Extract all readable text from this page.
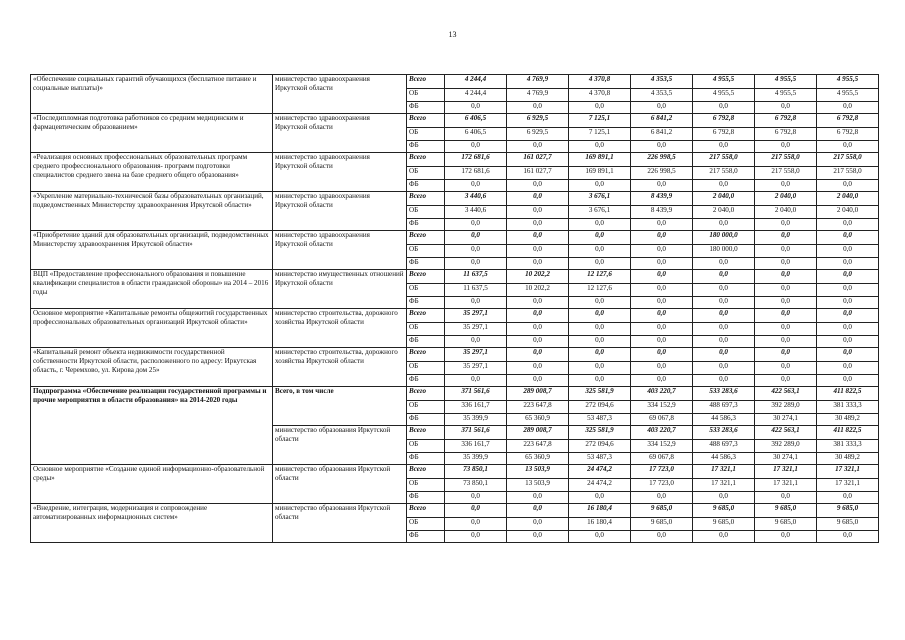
13
«Обеспечение социальных гарантий обучающихся (бесплатное питание и социальные выплаты)»	министерство здравоохранения Иркутской области	Всего	4 244,4	4 769,9	4 370,8	4 353,5	4 955,5	4 955,5	4 955,5
		ОБ	4 244,4	4 769,9	4 370,8	4 353,5	4 955,5	4 955,5	4 955,5
		ФБ	0,0	0,0	0,0	0,0	0,0	0,0	0,0
«Последипломная подготовка работников со средним медицинским и фармацевтическим образованием»	министерство здравоохранения Иркутской области	Всего	6 406,5	6 929,5	7 125,1	6 841,2	6 792,8	6 792,8	6 792,8
		ОБ	6 406,5	6 929,5	7 125,1	6 841,2	6 792,8	6 792,8	6 792,8
		ФБ	0,0	0,0	0,0	0,0	0,0	0,0	0,0
«Реализация основных профессиональных образовательных программ среднего профессионального образования- программ подготовки специалистов среднего звена на базе среднего общего образования»	министерство здравоохранения Иркутской области	Всего	172 681,6	161 027,7	169 891,1	226 998,5	217 558,0	217 558,0	217 558,0
		ОБ	172 681,6	161 027,7	169 891,1	226 998,5	217 558,0	217 558,0	217 558,0
		ФБ	0,0	0,0	0,0	0,0	0,0	0,0	0,0
«Укрепление материально-технической базы образовательных организаций, подведомственных Министерству здравоохранения Иркутской области»	министерство здравоохранения Иркутской области	Всего	3 440,6	0,0	3 676,1	8 439,9	2 040,0	2 040,0	2 040,0
		ОБ	3 440,6	0,0	3 676,1	8 439,9	2 040,0	2 040,0	2 040,0
		ФБ	0,0	0,0	0,0	0,0	0,0	0,0	0,0
«Приобретение зданий для образовательных организаций, подведомственных Министерству здравоохранения Иркутской области»	министерство здравоохранения Иркутской области	Всего	0,0	0,0	0,0	0,0	180 000,0	0,0	0,0
		ОБ	0,0	0,0	0,0	0,0	180 000,0	0,0	0,0
		ФБ	0,0	0,0	0,0	0,0	0,0	0,0	0,0
ВЦП «Предоставление профессионального образования и повышение квалификации специалистов в области гражданской обороны» на 2014 – 2016 годы	министерство имущественных отношений Иркутской области	Всего	11 637,5	10 202,2	12 127,6	0,0	0,0	0,0	0,0
		ОБ	11 637,5	10 202,2	12 127,6	0,0	0,0	0,0	0,0
		ФБ	0,0	0,0	0,0	0,0	0,0	0,0	0,0
Основное мероприятие «Капитальные ремонты общежитий государственных профессиональных образовательных организаций Иркутской области»	министерство строительства, дорожного хозяйства Иркутской области	Всего	35 297,1	0,0	0,0	0,0	0,0	0,0	0,0
		ОБ	35 297,1	0,0	0,0	0,0	0,0	0,0	0,0
		ФБ	0,0	0,0	0,0	0,0	0,0	0,0	0,0
«Капитальный ремонт объекта недвижимости государственной собственности Иркутской области, расположенного по адресу: Иркутская область, г. Черемхово, ул. Кирова дом 25»	министерство строительства, дорожного хозяйства Иркутской области	Всего	35 297,1	0,0	0,0	0,0	0,0	0,0	0,0
		ОБ	35 297,1	0,0	0,0	0,0	0,0	0,0	0,0
		ФБ	0,0	0,0	0,0	0,0	0,0	0,0	0,0
Подпрограмма «Обеспечение реализации государственной программы и прочие мероприятия в области образования» на 2014-2020 годы	Всего, в том числе	Всего	371 561,6	289 008,7	325 581,9	403 220,7	533 283,6	422 563,1	411 822,5
		ОБ	336 161,7	223 647,8	272 094,6	334 152,9	488 697,3	392 289,0	381 333,3
		ФБ	35 399,9	65 360,9	53 487,3	69 067,8	44 586,3	30 274,1	30 489,2
	министерство образования Иркутской области	Всего	371 561,6	289 008,7	325 581,9	403 220,7	533 283,6	422 563,1	411 822,5
		ОБ	336 161,7	223 647,8	272 094,6	334 152,9	488 697,3	392 289,0	381 333,3
		ФБ	35 399,9	65 360,9	53 487,3	69 067,8	44 586,3	30 274,1	30 489,2
Основное мероприятие «Создание единой информационно-образовательной среды»	министерство образования Иркутской области	Всего	73 850,1	13 503,9	24 474,2	17 723,0	17 321,1	17 321,1	17 321,1
		ОБ	73 850,1	13 503,9	24 474,2	17 723,0	17 321,1	17 321,1	17 321,1
		ФБ	0,0	0,0	0,0	0,0	0,0	0,0	0,0
«Внедрение, интеграция, модернизация и сопровождение автоматизированных информационных систем»	министерство образования Иркутской области	Всего	0,0	0,0	16 180,4	9 685,0	9 685,0	9 685,0	9 685,0
		ОБ	0,0	0,0	16 180,4	9 685,0	9 685,0	9 685,0	9 685,0
		ФБ	0,0	0,0	0,0	0,0	0,0	0,0	0,0
